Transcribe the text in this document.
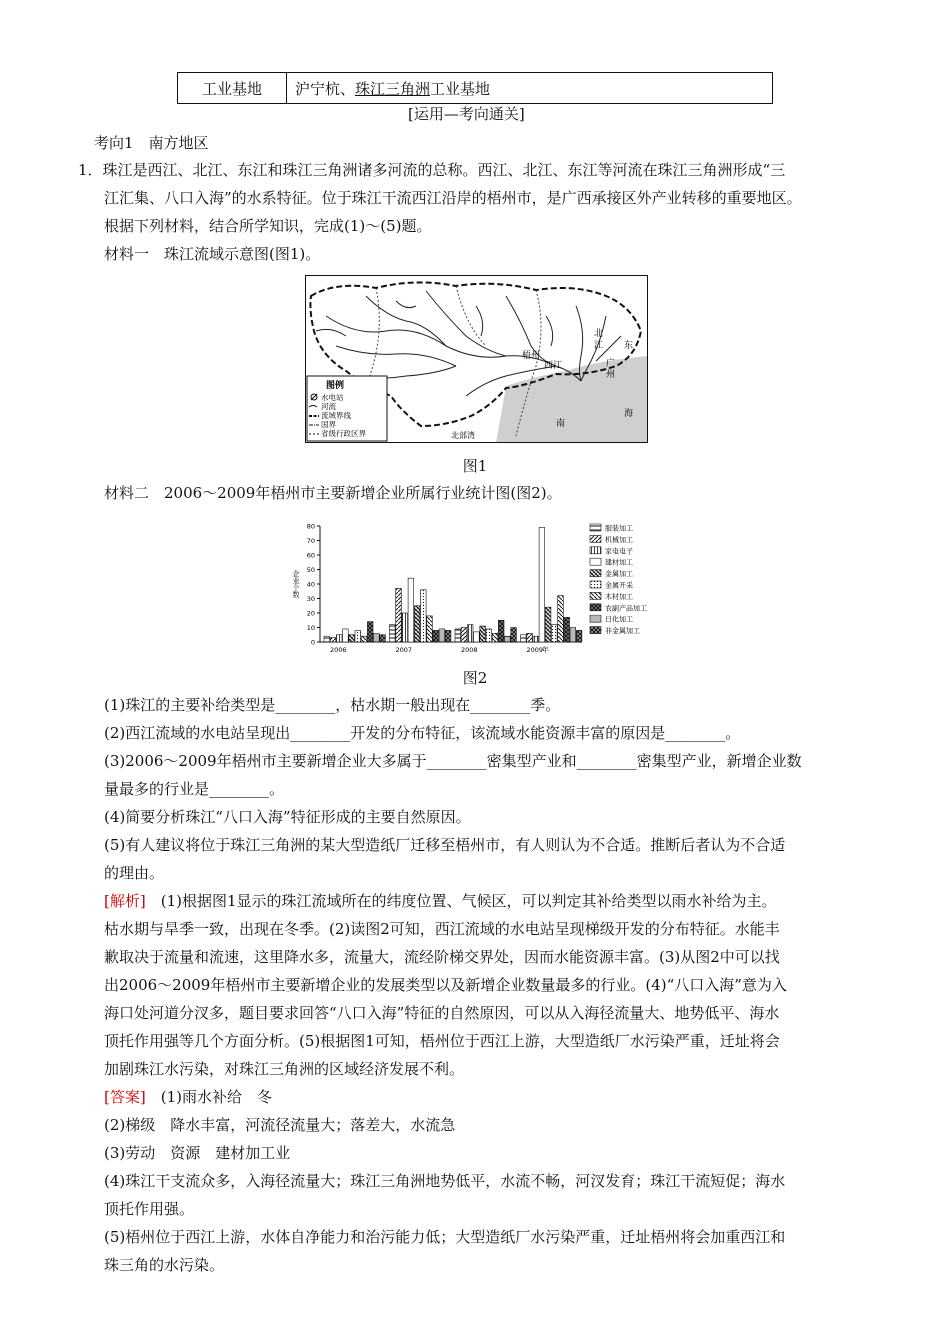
工业基地	沪宁杭、珠江三角洲工业基地
[运用—考向通关]
考向1　南方地区
1．珠江是西江、北江、东江和珠江三角洲诸多河流的总称。西江、北江、东江等河流在珠江三角洲形成“三
江汇集、八口入海”的水系特征。位于珠江干流西江沿岸的梧州市，是广西承接区外产业转移的重要地区。
根据下列材料，结合所学知识，完成(1)～(5)题。
材料一　珠江流域示意图(图1)。
图例
水电站
河流
流域界线
国界
省级行政区界
梧州
西江
北
江 东
广
州
南
海
北部湾
图1
材料二　2006～2009年梧州市主要新增企业所属行业统计图(图2)。
企业个数
0
10
20
30
40
50
60
70
80
2006	2007	2008	2009
年
服装加工
机械加工
家电电子
建材加工
金属加工
金属开采
木材加工
农副产品加工
日化加工
非金属加工
图2
(1)珠江的主要补给类型是________，枯水期一般出现在________季。
(2)西江流域的水电站呈现出________开发的分布特征，该流域水能资源丰富的原因是________。
(3)2006～2009年梧州市主要新增企业大多属于________密集型产业和________密集型产业，新增企业数
量最多的行业是________。
(4)简要分析珠江“八口入海”特征形成的主要自然原因。
(5)有人建议将位于珠江三角洲的某大型造纸厂迁移至梧州市，有人则认为不合适。推断后者认为不合适
的理由。
[解析]　(1)根据图1显示的珠江流域所在的纬度位置、气候区，可以判定其补给类型以雨水补给为主。
枯水期与旱季一致，出现在冬季。(2)读图2可知，西江流域的水电站呈现梯级开发的分布特征。水能丰
歉取决于流量和流速，这里降水多，流量大，流经阶梯交界处，因而水能资源丰富。(3)从图2中可以找
出2006～2009年梧州市主要新增企业的发展类型以及新增企业数量最多的行业。(4)“八口入海”意为入
海口处河道分汊多，题目要求回答“八口入海”特征的自然原因，可以从入海径流量大、地势低平、海水
顶托作用强等几个方面分析。(5)根据图1可知，梧州位于西江上游，大型造纸厂水污染严重，迁址将会
加剧珠江水污染，对珠江三角洲的区域经济发展不利。
[答案]　(1)雨水补给　冬
(2)梯级　降水丰富，河流径流量大；落差大，水流急
(3)劳动　资源　建材加工业
(4)珠江干支流众多，入海径流量大；珠江三角洲地势低平，水流不畅，河汊发育；珠江干流短促；海水
顶托作用强。
(5)梧州位于西江上游，水体自净能力和治污能力低；大型造纸厂水污染严重，迁址梧州将会加重西江和
珠三角的水污染。
